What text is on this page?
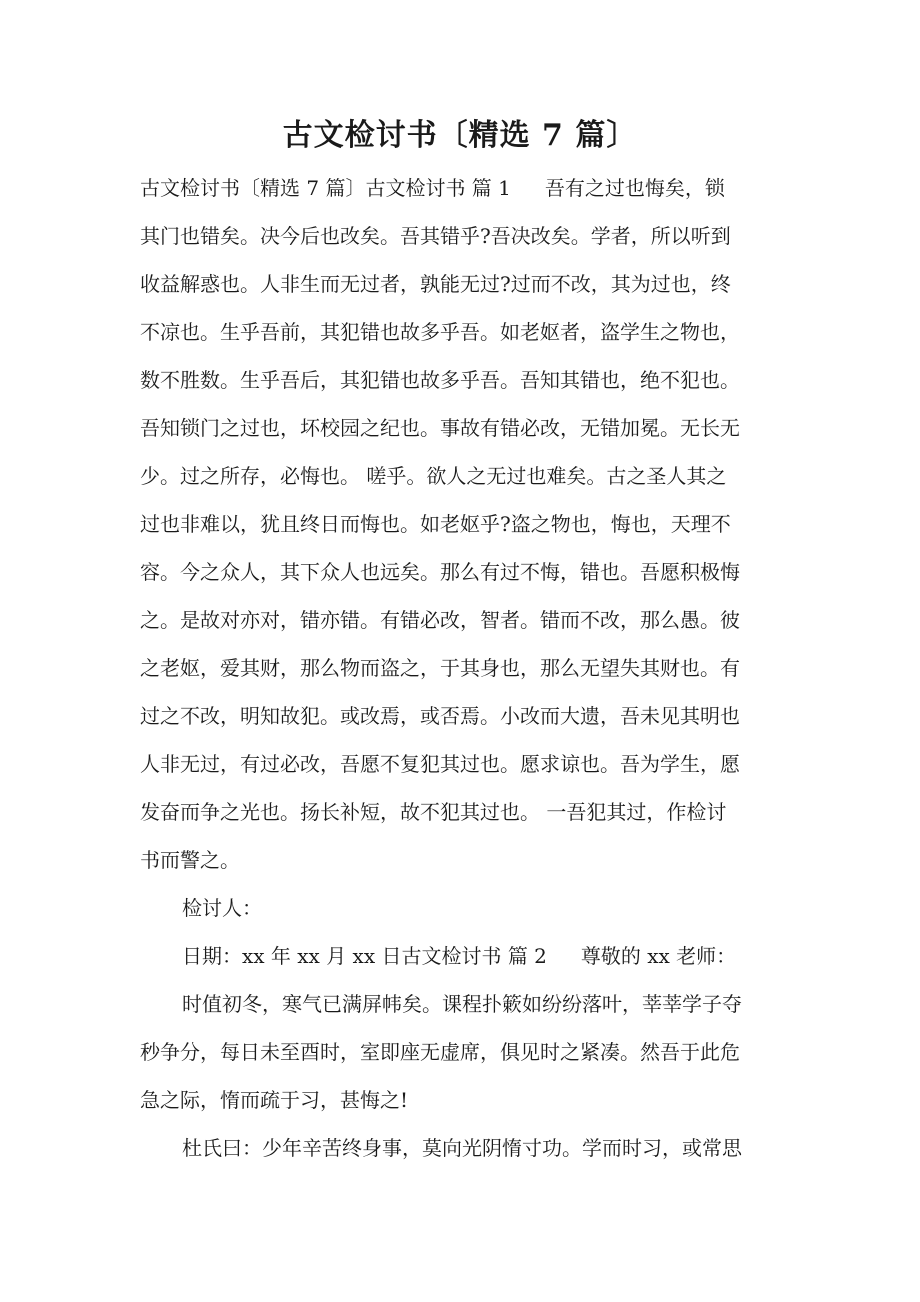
古文检讨书〔精选 7 篇〕
古文检讨书〔精选 7 篇〕古文检讨书 篇 1 吾有之过也悔矣，锁
其门也错矣。决今后也改矣。吾其错乎?吾决改矣。学者，所以听到
收益解惑也。人非生而无过者，孰能无过?过而不改，其为过也，终
不凉也。生乎吾前，其犯错也故多乎吾。如老妪者，盗学生之物也，
数不胜数。生乎吾后，其犯错也故多乎吾。吾知其错也，绝不犯也。
吾知锁门之过也，坏校园之纪也。事故有错必改，无错加冕。无长无
少。过之所存，必悔也。 嗟乎。欲人之无过也难矣。古之圣人其之
过也非难以，犹且终日而悔也。如老妪乎?盗之物也，悔也，天理不
容。今之众人，其下众人也远矣。那么有过不悔，错也。吾愿积极悔
之。是故对亦对，错亦错。有错必改，智者。错而不改，那么愚。彼
之老妪，爱其财，那么物而盗之，于其身也，那么无望失其财也。有
过之不改，明知故犯。或改焉，或否焉。小改而大遗，吾未见其明也
人非无过，有过必改，吾愿不复犯其过也。愿求谅也。吾为学生，愿
发奋而争之光也。扬长补短，故不犯其过也。 一吾犯其过，作检讨
书而警之。
检讨人：
日期：xx 年 xx 月 xx 日古文检讨书 篇 2 尊敬的 xx 老师：
时值初冬，寒气已满屏帏矣。课程扑簌如纷纷落叶，莘莘学子夺
秒争分，每日未至酉时，室即座无虚席，俱见时之紧凑。然吾于此危
急之际，惰而疏于习，甚悔之!
杜氏曰：少年辛苦终身事，莫向光阴惰寸功。学而时习，或常思
